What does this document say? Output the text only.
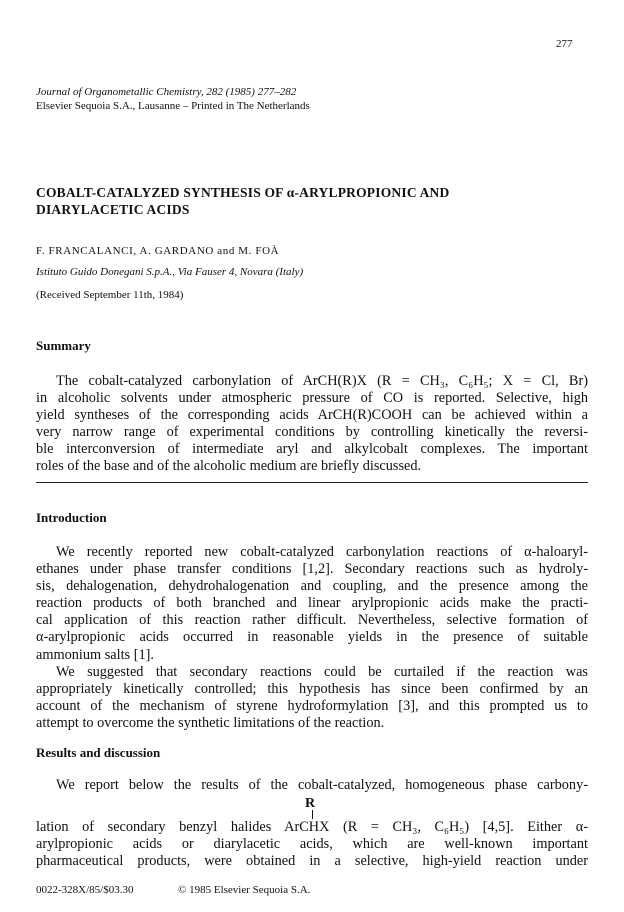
277
Journal of Organometallic Chemistry, 282 (1985) 277–282
Elsevier Sequoia S.A., Lausanne – Printed in The Netherlands
COBALT-CATALYZED SYNTHESIS OF α-ARYLPROPIONIC AND
DIARYLACETIC ACIDS
F. FRANCALANCI, A. GARDANO and M. FOÀ
Istituto Guido Donegani S.p.A., Via Fauser 4, Novara (Italy)
(Received September 11th, 1984)
Summary
The cobalt-catalyzed carbonylation of ArCH(R)X (R = CH₃, C₆H₅; X = Cl, Br)
in alcoholic solvents under atmospheric pressure of CO is reported. Selective, high
yield syntheses of the corresponding acids ArCH(R)COOH can be achieved within a
very narrow range of experimental conditions by controlling kinetically the reversi-
ble interconversion of intermediate aryl and alkylcobalt complexes. The important
roles of the base and of the alcoholic medium are briefly discussed.
Introduction
We recently reported new cobalt-catalyzed carbonylation reactions of α-haloaryl-
ethanes under phase transfer conditions [1,2]. Secondary reactions such as hydroly-
sis, dehalogenation, dehydrohalogenation and coupling, and the presence among the
reaction products of both branched and linear arylpropionic acids make the practi-
cal application of this reaction rather difficult. Nevertheless, selective formation of
α-arylpropionic acids occurred in reasonable yields in the presence of suitable
ammonium salts [1].
We suggested that secondary reactions could be curtailed if the reaction was
appropriately kinetically controlled; this hypothesis has since been confirmed by an
account of the mechanism of styrene hydroformylation [3], and this prompted us to
attempt to overcome the synthetic limitations of the reaction.
Results and discussion
We report below the results of the cobalt-catalyzed, homogeneous phase carbony-
R
lation of secondary benzyl halides ArCHX (R = CH₃, C₆H₅) [4,5]. Either α-
arylpropionic acids or diarylacetic acids, which are well-known important
pharmaceutical products, were obtained in a selective, high-yield reaction under
0022-328X/85/$03.30	© 1985 Elsevier Sequoia S.A.
